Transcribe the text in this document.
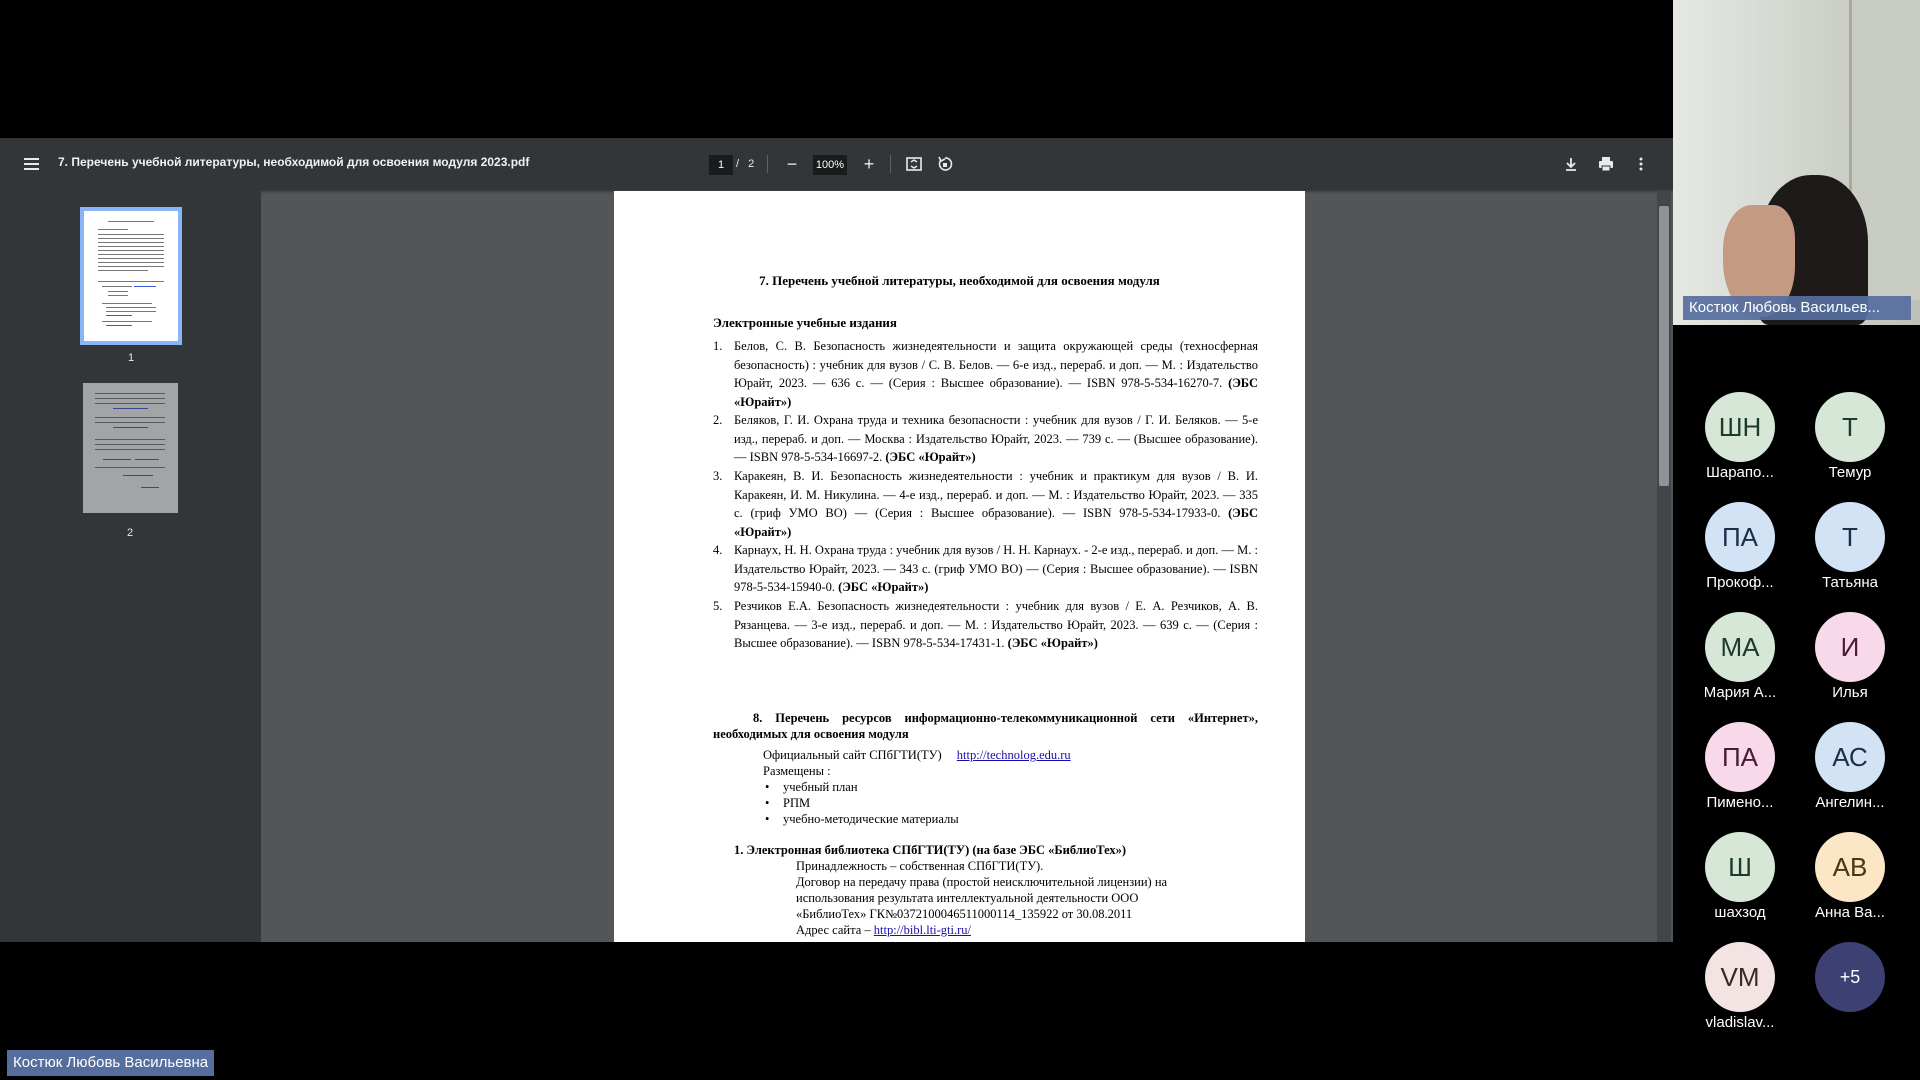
7. Перечень учебной литературы, необходимой для освоения модуля 2023.pdf	1	/ 2	−	100%	+
1
2
7. Перечень учебной литературы, необходимой для освоения модуля
Электронные учебные издания
1. Белов, С. В. Безопасность жизнедеятельности и защита окружающей среды (техносферная безопасность) : учебник для вузов / С. В. Белов. — 6-е изд., перераб. и доп. — М. : Издательство Юрайт, 2023. — 636 с. — (Серия : Высшее образование). — ISBN 978-5-534-16270-7. (ЭБС «Юрайт»)
2. Беляков, Г. И. Охрана труда и техника безопасности : учебник для вузов / Г. И. Беляков. — 5-е изд., перераб. и доп. — Москва : Издательство Юрайт, 2023. — 739 с. — (Высшее образование). — ISBN 978-5-534-16697-2. (ЭБС «Юрайт»)
3. Каракеян, В. И. Безопасность жизнедеятельности : учебник и практикум для вузов / В. И. Каракеян, И. М. Никулина. — 4-е изд., перераб. и доп. — М. : Издательство Юрайт, 2023. — 335 с. (гриф УМО ВО) — (Серия : Высшее образование). — ISBN 978-5-534-17933-0. (ЭБС «Юрайт»)
4. Карнаух, Н. Н. Охрана труда : учебник для вузов / Н. Н. Карнаух. - 2-е изд., перераб. и доп. — М. : Издательство Юрайт, 2023. — 343 с. (гриф УМО ВО) — (Серия : Высшее образование). — ISBN 978-5-534-15940-0. (ЭБС «Юрайт»)
5. Резчиков Е.А. Безопасность жизнедеятельности : учебник для вузов / Е. А. Резчиков, А. В. Рязанцева. — 3-е изд., перераб. и доп. — М. : Издательство Юрайт, 2023. — 639 с. — (Серия : Высшее образование). — ISBN 978-5-534-17431-1. (ЭБС «Юрайт»)
8. Перечень ресурсов информационно-телекоммуникационной сети «Интернет», необходимых для освоения модуля
Официальный сайт СПбГТИ(ТУ) http://technolog.edu.ru
Размещены :
• учебный план
• РПМ
• учебно-методические материалы
1. Электронная библиотека СПбГТИ(ТУ) (на базе ЭБС «БиблиоТех»)
Принадлежность – собственная СПбГТИ(ТУ).
Договор на передачу права (простой неисключительной лицензии) на
использования результата интеллектуальной деятельности ООО
«БиблиоТех» ГК№0372100046511000114_135922 от 30.08.2011
Адрес сайта – http://bibl.lti-gti.ru/
Костюк Любовь Васильев...
ШН
Шарапо...
Т
Темур
ПА
Прокоф...
Т
Татьяна
МА
Мария А...
И
Илья
ПА
Пимено...
АС
Ангелин...
Ш
шахзод
АВ
Анна Ва...
VM
vladislav...
+5
Костюк Любовь Васильевна
